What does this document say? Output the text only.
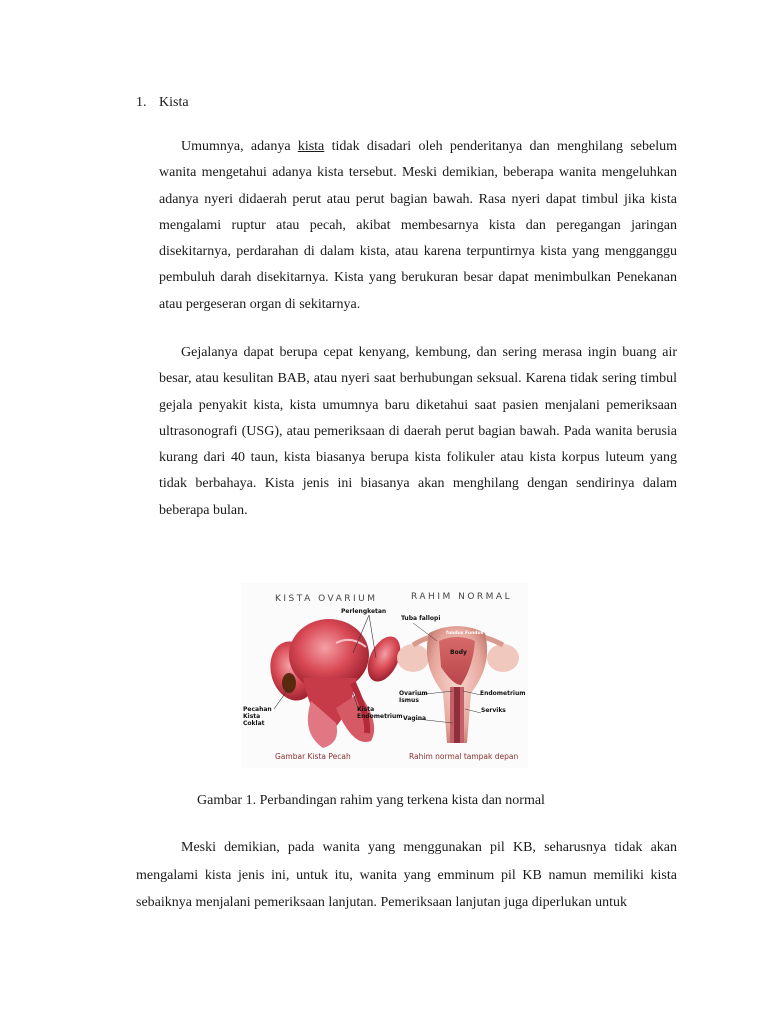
1. Kista

Umumnya, adanya kista tidak disadari oleh penderitanya dan menghilang sebelum wanita mengetahui adanya kista tersebut. Meski demikian, beberapa wanita mengeluhkan adanya nyeri didaerah perut atau perut bagian bawah. Rasa nyeri dapat timbul jika kista mengalami ruptur atau pecah, akibat membesarnya kista dan peregangan jaringan disekitarnya, perdarahan di dalam kista, atau karena terpuntirnya kista yang mengganggu pembuluh darah disekitarnya. Kista yang berukuran besar dapat menimbulkan Penekanan atau pergeseran organ di sekitarnya.

Gejalanya dapat berupa cepat kenyang, kembung, dan sering merasa ingin buang air besar, atau kesulitan BAB, atau nyeri saat berhubungan seksual. Karena tidak sering timbul gejala penyakit kista, kista umumnya baru diketahui saat pasien menjalani pemeriksaan ultrasonografi (USG), atau pemeriksaan di daerah perut bagian bawah. Pada wanita berusia kurang dari 40 taun, kista biasanya berupa kista folikuler atau kista korpus luteum yang tidak berbahaya. Kista jenis ini biasanya akan menghilang dengan sendirinya dalam beberapa bulan.

KISTA OVARIUM	RAHIM NORMAL
Perlengketan
Pecahan
Kista
Coklat
Kista
Endometrium
Tuba fallopi
fundus Fundus
Body
Ovarium
Ismus
Vagina
Endometrium
Serviks
Gambar Kista Pecah	Rahim normal tampak depan
Gambar 1. Perbandingan rahim yang terkena kista dan normal

Meski demikian, pada wanita yang menggunakan pil KB, seharusnya tidak akan mengalami kista jenis ini, untuk itu, wanita yang emminum pil KB namun memiliki kista sebaiknya menjalani pemeriksaan lanjutan. Pemeriksaan lanjutan juga diperlukan untuk
